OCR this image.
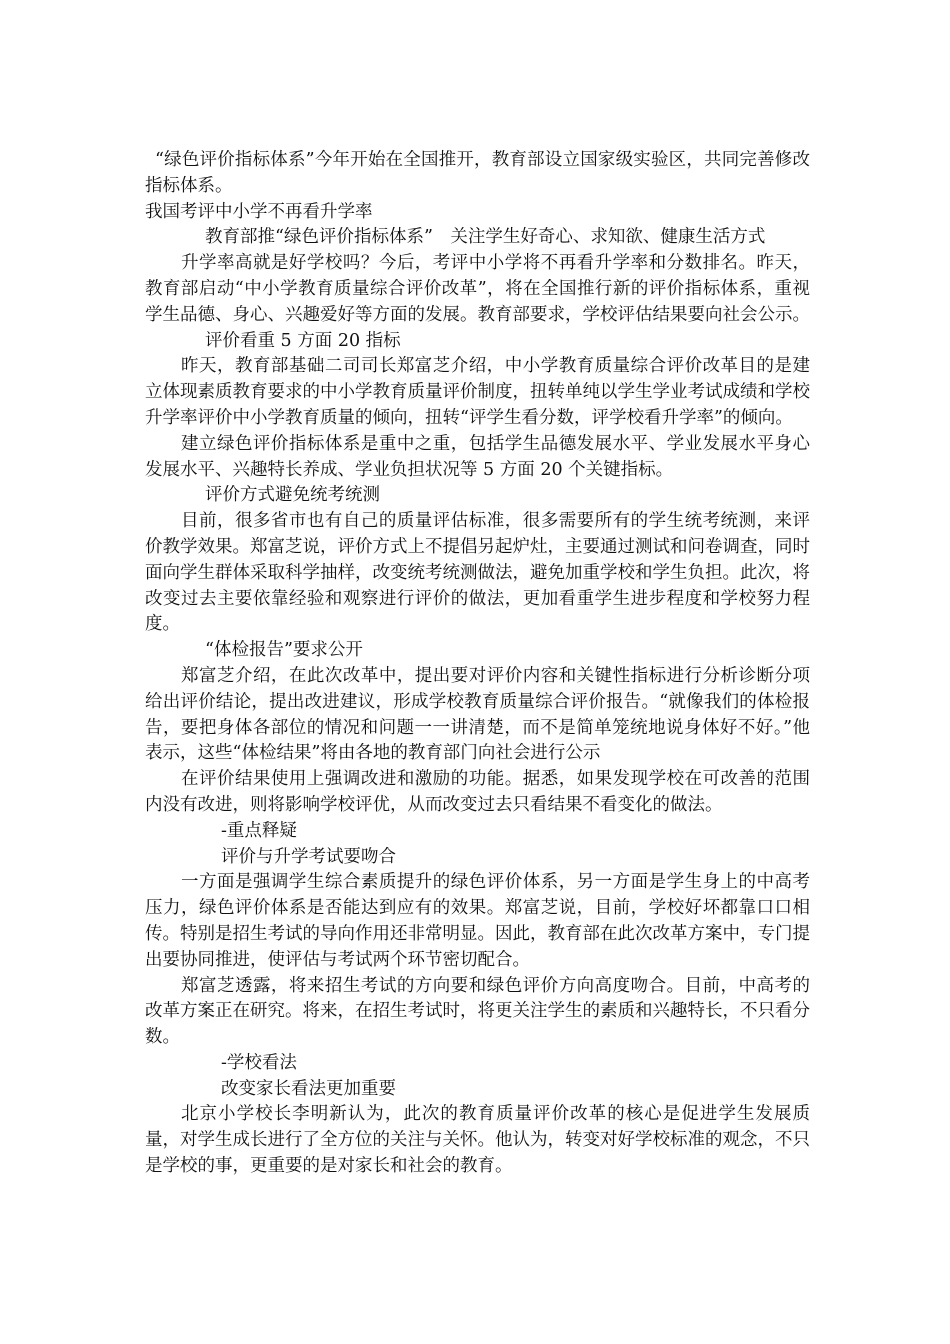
“绿色评价指标体系”今年开始在全国推开，教育部设立国家级实验区，共同完善修改指标体系。

我国考评中小学不再看升学率

教育部推“绿色评价指标体系”　关注学生好奇心、求知欲、健康生活方式

升学率高就是好学校吗？今后，考评中小学将不再看升学率和分数排名。昨天，教育部启动“中小学教育质量综合评价改革”，将在全国推行新的评价指标体系，重视学生品德、身心、兴趣爱好等方面的发展。教育部要求，学校评估结果要向社会公示。

评价看重 5 方面 20 指标

昨天，教育部基础二司司长郑富芝介绍，中小学教育质量综合评价改革目的是建立体现素质教育要求的中小学教育质量评价制度，扭转单纯以学生学业考试成绩和学校升学率评价中小学教育质量的倾向，扭转“评学生看分数，评学校看升学率”的倾向。

建立绿色评价指标体系是重中之重，包括学生品德发展水平、学业发展水平身心发展水平、兴趣特长养成、学业负担状况等 5 方面 20 个关键指标。

评价方式避免统考统测

目前，很多省市也有自己的质量评估标准，很多需要所有的学生统考统测，来评价教学效果。郑富芝说，评价方式上不提倡另起炉灶，主要通过测试和问卷调查，同时面向学生群体采取科学抽样，改变统考统测做法，避免加重学校和学生负担。此次，将改变过去主要依靠经验和观察进行评价的做法，更加看重学生进步程度和学校努力程度。

“体检报告”要求公开

郑富芝介绍，在此次改革中，提出要对评价内容和关键性指标进行分析诊断分项给出评价结论，提出改进建议，形成学校教育质量综合评价报告。“就像我们的体检报告，要把身体各部位的情况和问题一一讲清楚，而不是简单笼统地说身体好不好。”他表示，这些“体检结果”将由各地的教育部门向社会进行公示

在评价结果使用上强调改进和激励的功能。据悉，如果发现学校在可改善的范围内没有改进，则将影响学校评优，从而改变过去只看结果不看变化的做法。

-重点释疑

评价与升学考试要吻合

一方面是强调学生综合素质提升的绿色评价体系，另一方面是学生身上的中高考压力，绿色评价体系是否能达到应有的效果。郑富芝说，目前，学校好坏都靠口口相传。特别是招生考试的导向作用还非常明显。因此，教育部在此次改革方案中，专门提出要协同推进，使评估与考试两个环节密切配合。

郑富芝透露，将来招生考试的方向要和绿色评价方向高度吻合。目前，中高考的改革方案正在研究。将来，在招生考试时，将更关注学生的素质和兴趣特长，不只看分数。

-学校看法

改变家长看法更加重要

北京小学校长李明新认为，此次的教育质量评价改革的核心是促进学生发展质量，对学生成长进行了全方位的关注与关怀。他认为，转变对好学校标准的观念，不只是学校的事，更重要的是对家长和社会的教育。
